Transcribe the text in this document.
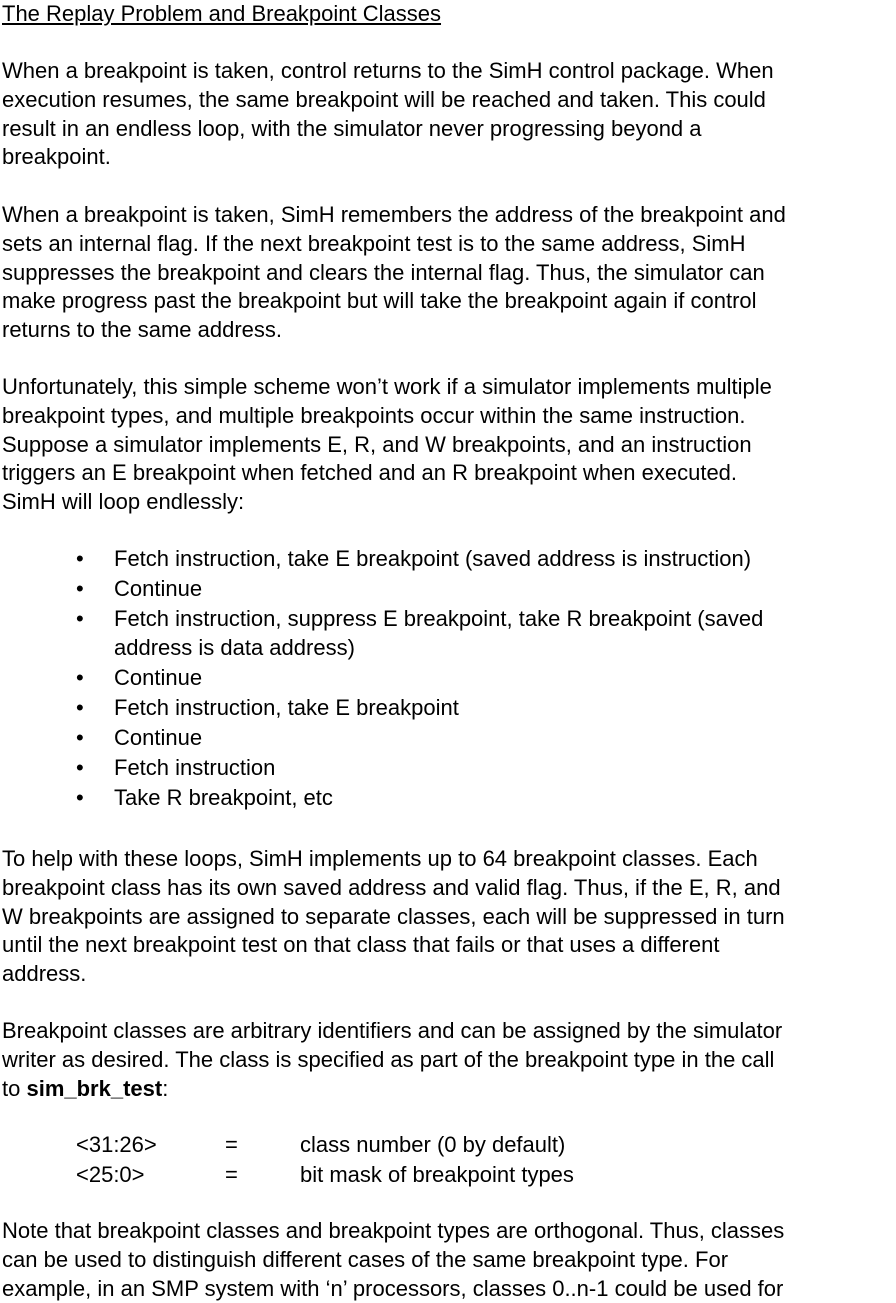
The Replay Problem and Breakpoint Classes
When a breakpoint is taken, control returns to the SimH control package. When
execution resumes, the same breakpoint will be reached and taken. This could
result in an endless loop, with the simulator never progressing beyond a
breakpoint.
When a breakpoint is taken, SimH remembers the address of the breakpoint and
sets an internal flag. If the next breakpoint test is to the same address, SimH
suppresses the breakpoint and clears the internal flag. Thus, the simulator can
make progress past the breakpoint but will take the breakpoint again if control
returns to the same address.
Unfortunately, this simple scheme won’t work if a simulator implements multiple
breakpoint types, and multiple breakpoints occur within the same instruction.
Suppose a simulator implements E, R, and W breakpoints, and an instruction
triggers an E breakpoint when fetched and an R breakpoint when executed.
SimH will loop endlessly:
• Fetch instruction, take E breakpoint (saved address is instruction)
• Continue
• Fetch instruction, suppress E breakpoint, take R breakpoint (saved
address is data address)
• Continue
• Fetch instruction, take E breakpoint
• Continue
• Fetch instruction
• Take R breakpoint, etc
To help with these loops, SimH implements up to 64 breakpoint classes. Each
breakpoint class has its own saved address and valid flag. Thus, if the E, R, and
W breakpoints are assigned to separate classes, each will be suppressed in turn
until the next breakpoint test on that class that fails or that uses a different
address.
Breakpoint classes are arbitrary identifiers and can be assigned by the simulator
writer as desired. The class is specified as part of the breakpoint type in the call
to sim_brk_test:
<31:26>	=	class number (0 by default)
<25:0>	=	bit mask of breakpoint types
Note that breakpoint classes and breakpoint types are orthogonal. Thus, classes
can be used to distinguish different cases of the same breakpoint type. For
example, in an SMP system with ‘n’ processors, classes 0..n-1 could be used for
